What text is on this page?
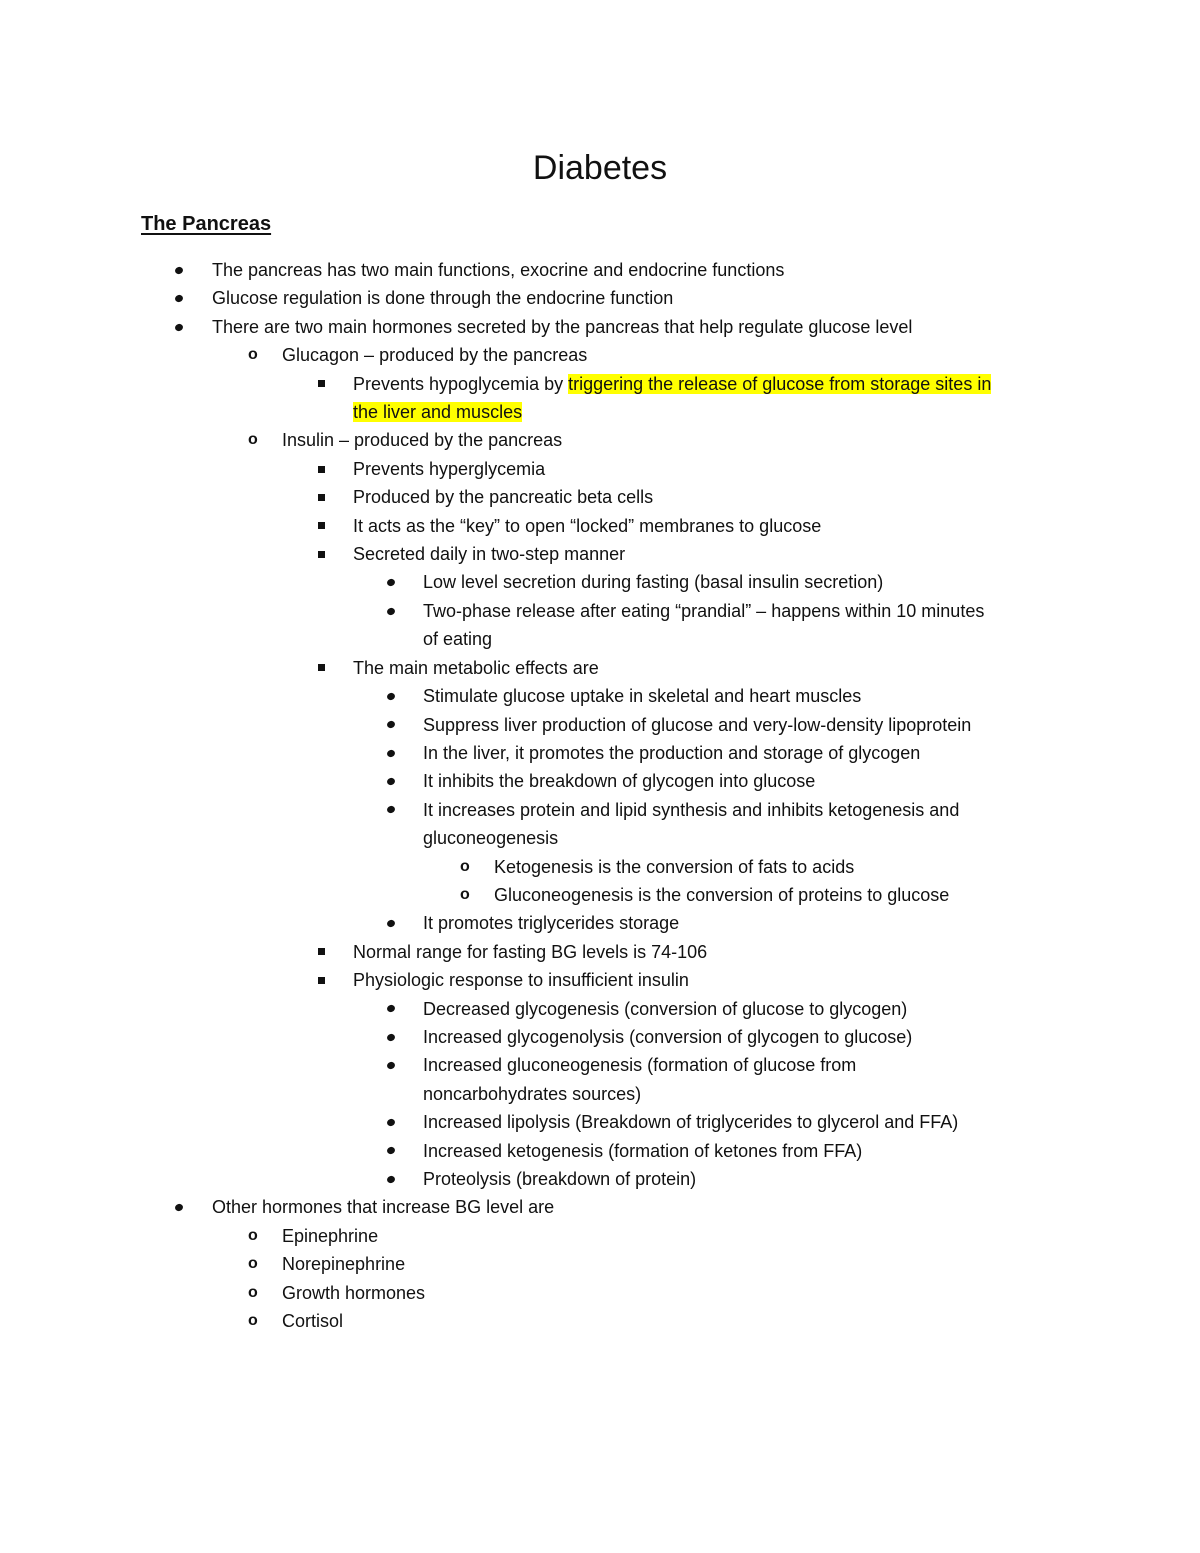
Diabetes
The Pancreas
The pancreas has two main functions, exocrine and endocrine functions
Glucose regulation is done through the endocrine function
There are two main hormones secreted by the pancreas that help regulate glucose level
o Glucagon – produced by the pancreas
Prevents hypoglycemia by triggering the release of glucose from storage sites in
the liver and muscles
o Insulin – produced by the pancreas
Prevents hyperglycemia
Produced by the pancreatic beta cells
It acts as the “key” to open “locked” membranes to glucose
Secreted daily in two-step manner
Low level secretion during fasting (basal insulin secretion)
Two-phase release after eating “prandial” – happens within 10 minutes
of eating
The main metabolic effects are
Stimulate glucose uptake in skeletal and heart muscles
Suppress liver production of glucose and very-low-density lipoprotein
In the liver, it promotes the production and storage of glycogen
It inhibits the breakdown of glycogen into glucose
It increases protein and lipid synthesis and inhibits ketogenesis and
gluconeogenesis
o Ketogenesis is the conversion of fats to acids
o Gluconeogenesis is the conversion of proteins to glucose
It promotes triglycerides storage
Normal range for fasting BG levels is 74-106
Physiologic response to insufficient insulin
Decreased glycogenesis (conversion of glucose to glycogen)
Increased glycogenolysis (conversion of glycogen to glucose)
Increased gluconeogenesis (formation of glucose from
noncarbohydrates sources)
Increased lipolysis (Breakdown of triglycerides to glycerol and FFA)
Increased ketogenesis (formation of ketones from FFA)
Proteolysis (breakdown of protein)
Other hormones that increase BG level are
o Epinephrine
o Norepinephrine
o Growth hormones
o Cortisol
